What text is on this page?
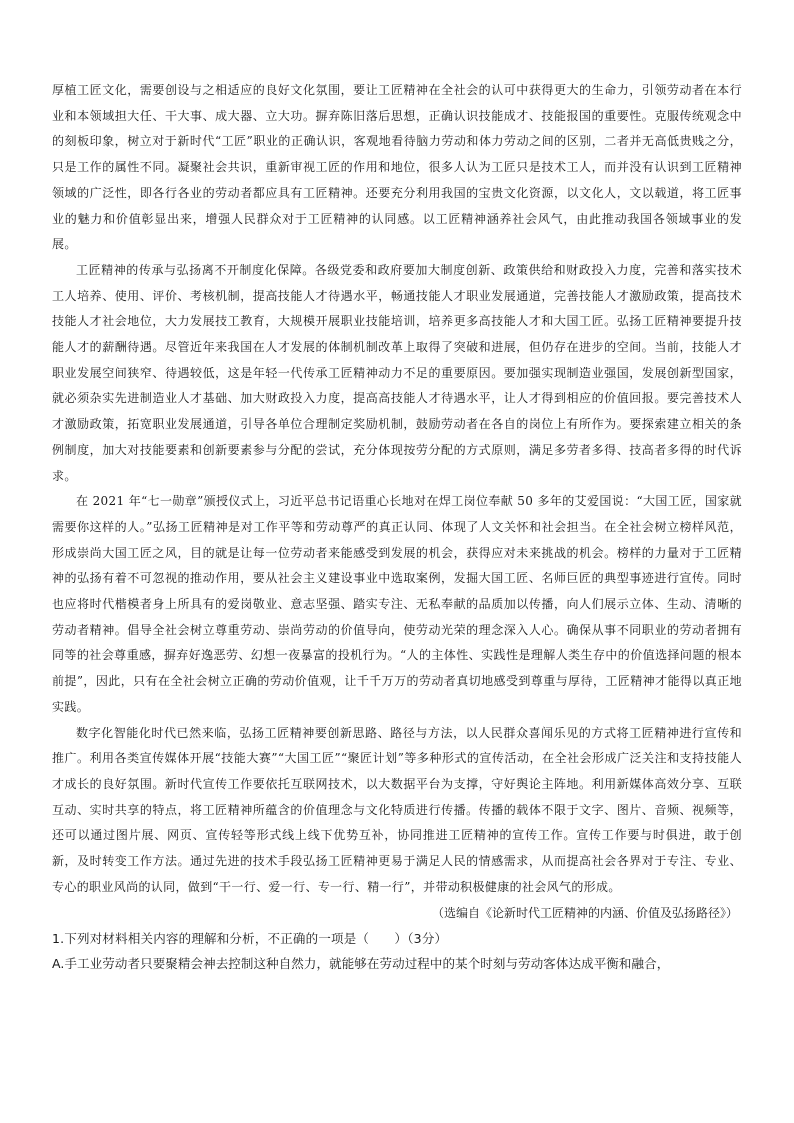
厚植工匠文化，需要创设与之相适应的良好文化氛围，要让工匠精神在全社会的认可中获得更大的生命力，引领劳动者在本行业和本领域担大任、干大事、成大器、立大功。摒弃陈旧落后思想，正确认识技能成才、技能报国的重要性。克服传统观念中的刻板印象，树立对于新时代“工匠”职业的正确认识，客观地看待脑力劳动和体力劳动之间的区别，二者并无高低贵贱之分，只是工作的属性不同。凝聚社会共识，重新审视工匠的作用和地位，很多人认为工匠只是技术工人，而并没有认识到工匠精神领域的广泛性，即各行各业的劳动者都应具有工匠精神。还要充分利用我国的宝贵文化资源，以文化人，文以载道，将工匠事业的魅力和价值彰显出来，增强人民群众对于工匠精神的认同感。以工匠精神涵养社会风气，由此推动我国各领域事业的发展。

工匠精神的传承与弘扬离不开制度化保障。各级党委和政府要加大制度创新、政策供给和财政投入力度，完善和落实技术工人培养、使用、评价、考核机制，提高技能人才待遇水平，畅通技能人才职业发展通道，完善技能人才激励政策，提高技术技能人才社会地位，大力发展技工教育，大规模开展职业技能培训，培养更多高技能人才和大国工匠。弘扬工匠精神要提升技能人才的薪酬待遇。尽管近年来我国在人才发展的体制机制改革上取得了突破和进展，但仍存在进步的空间。当前，技能人才职业发展空间狭窄、待遇较低，这是年轻一代传承工匠精神动力不足的重要原因。要加强实现制造业强国，发展创新型国家，就必须杂实先进制造业人才基础、加大财政投入力度，提高高技能人才待遇水平，让人才得到相应的价值回报。要完善技术人才激励政策，拓宽职业发展通道，引导各单位合理制定奖励机制，鼓励劳动者在各自的岗位上有所作为。要探索建立相关的条例制度，加大对技能要素和创新要素参与分配的尝试，充分体现按劳分配的方式原则，满足多劳者多得、技高者多得的时代诉求。

在 2021 年“七一勋章”颁授仪式上，习近平总书记语重心长地对在焊工岗位奉献 50 多年的艾爱国说：“大国工匠，国家就需要你这样的人。”弘扬工匠精神是对工作平等和劳动尊严的真正认同、体现了人文关怀和社会担当。在全社会树立榜样风范，形成崇尚大国工匠之风，目的就是让每一位劳动者来能感受到发展的机会，获得应对未来挑战的机会。榜样的力量对于工匠精神的弘扬有着不可忽视的推动作用，要从社会主义建设事业中选取案例，发掘大国工匠、名师巨匠的典型事迹进行宣传。同时也应将时代楷模者身上所具有的爱岗敬业、意志坚强、踏实专注、无私奉献的品质加以传播，向人们展示立体、生动、清晰的劳动者精神。倡导全社会树立尊重劳动、崇尚劳动的价值导向，使劳动光荣的理念深入人心。确保从事不同职业的劳动者拥有同等的社会尊重感，摒弃好逸恶劳、幻想一夜暴富的投机行为。“人的主体性、实践性是理解人类生存中的价值选择问题的根本前提”，因此，只有在全社会树立正确的劳动价值观，让千千万万的劳动者真切地感受到尊重与厚待，工匠精神才能得以真正地实践。

数字化智能化时代已然来临，弘扬工匠精神要创新思路、路径与方法，以人民群众喜闻乐见的方式将工匠精神进行宣传和推广。利用各类宣传媒体开展“技能大赛”“大国工匠”“聚匠计划”等多种形式的宣传活动，在全社会形成广泛关注和支持技能人才成长的良好氛围。新时代宣传工作要依托互联网技术，以大数据平台为支撑，守好舆论主阵地。利用新媒体高效分享、互联互动、实时共享的特点，将工匠精神所蕴含的价值理念与文化特质进行传播。传播的载体不限于文字、图片、音频、视频等，还可以通过图片展、网页、宣传轻等形式线上线下优势互补，协同推进工匠精神的宣传工作。宣传工作要与时俱进，敢于创新，及时转变工作方法。通过先进的技术手段弘扬工匠精神更易于满足人民的情感需求，从而提高社会各界对于专注、专业、专心的职业风尚的认同，做到“干一行、爱一行、专一行、精一行”，并带动积极健康的社会风气的形成。

（选编自《论新时代工匠精神的内涵、价值及弘扬路径》）

1.下列对材料相关内容的理解和分析，不正确的一项是（　　）（3分）

A.手工业劳动者只要聚精会神去控制这种自然力，就能够在劳动过程中的某个时刻与劳动客体达成平衡和融合，
